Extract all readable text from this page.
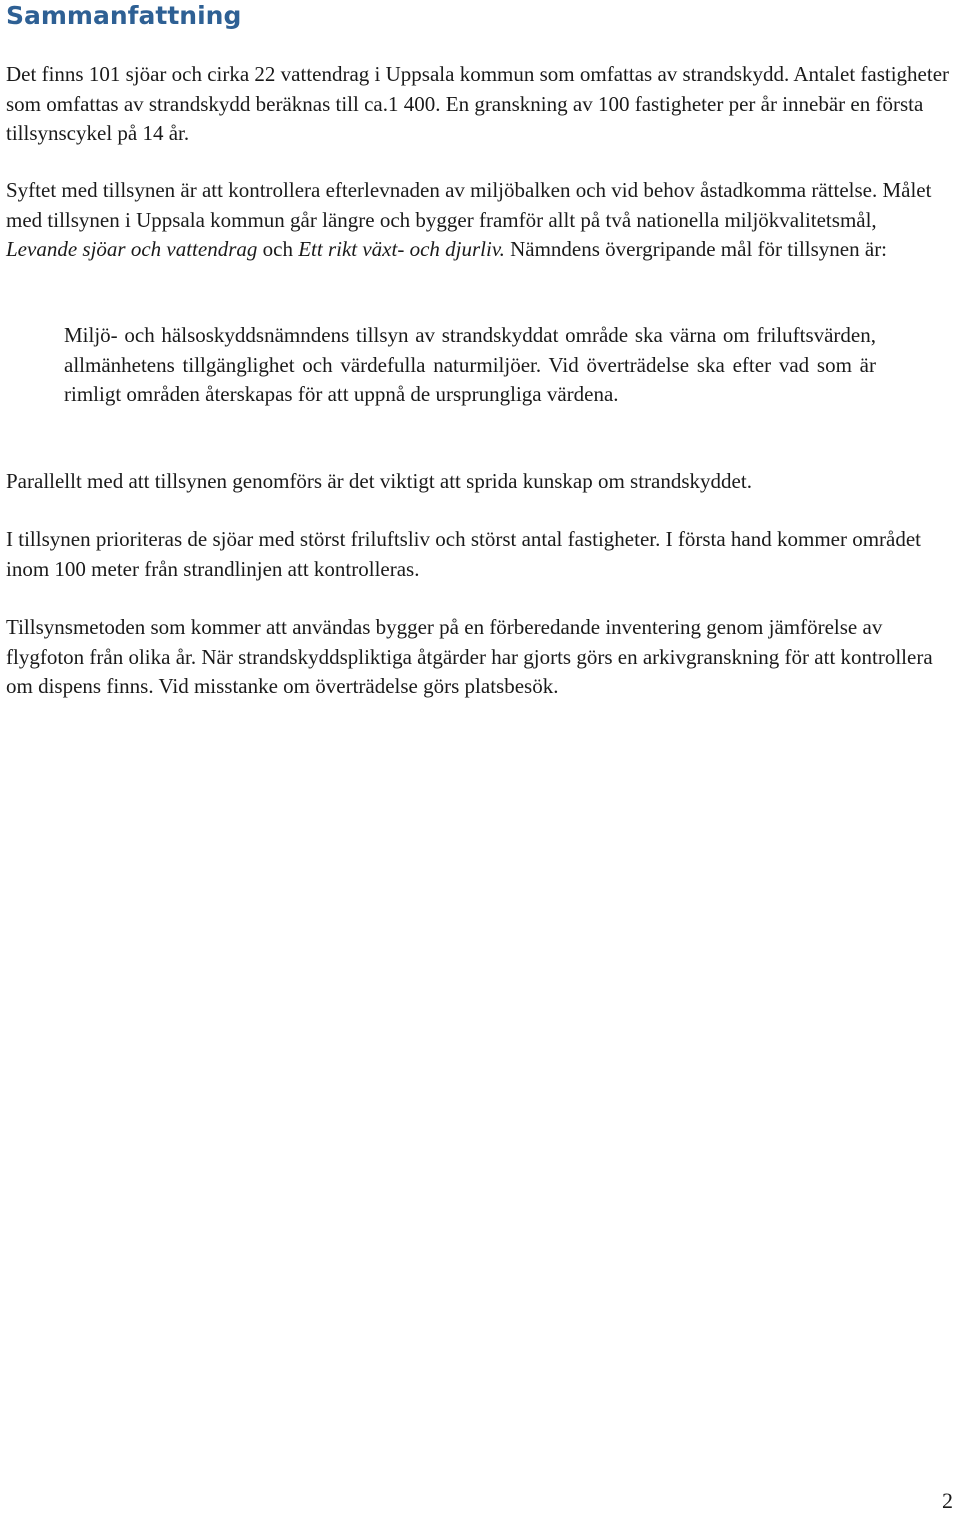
Sammanfattning

Det finns 101 sjöar och cirka 22 vattendrag i Uppsala kommun som omfattas av strandskydd. Antalet fastigheter som omfattas av strandskydd beräknas till ca.1 400. En granskning av 100 fastigheter per år innebär en första tillsynscykel på 14 år.

Syftet med tillsynen är att kontrollera efterlevnaden av miljöbalken och vid behov åstadkomma rättelse. Målet med tillsynen i Uppsala kommun går längre och bygger framför allt på två nationella miljökvalitetsmål, Levande sjöar och vattendrag och Ett rikt växt- och djurliv. Nämndens övergripande mål för tillsynen är:

Miljö- och hälsoskyddsnämndens tillsyn av strandskyddat område ska värna om friluftsvärden, allmänhetens tillgänglighet och värdefulla naturmiljöer. Vid överträdelse ska efter vad som är rimligt områden återskapas för att uppnå de ursprungliga värdena.

Parallellt med att tillsynen genomförs är det viktigt att sprida kunskap om strandskyddet.

I tillsynen prioriteras de sjöar med störst friluftsliv och störst antal fastigheter. I första hand kommer området inom 100 meter från strandlinjen att kontrolleras.

Tillsynsmetoden som kommer att användas bygger på en förberedande inventering genom jämförelse av flygfoton från olika år. När strandskyddspliktiga åtgärder har gjorts görs en arkivgranskning för att kontrollera om dispens finns. Vid misstanke om överträdelse görs platsbesök.

2
